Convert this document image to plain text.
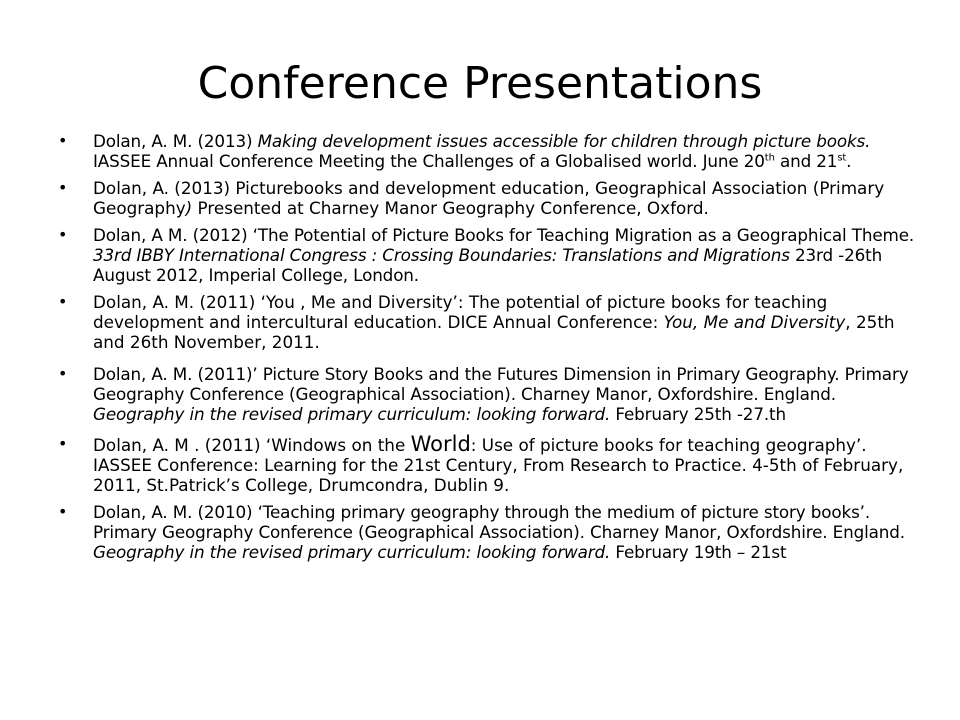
Conference Presentations
• Dolan, A. M. (2013) Making development issues accessible for children through picture books. IASSEE Annual Conference Meeting the Challenges of a Globalised world. June 20th and 21st.
• Dolan, A. (2013) Picturebooks and development education, Geographical Association (Primary Geography) Presented at Charney Manor Geography Conference, Oxford.
• Dolan, A M. (2012) ‘The Potential of Picture Books for Teaching Migration as a Geographical Theme. 33rd IBBY International Congress : Crossing Boundaries: Translations and Migrations 23rd -26th August 2012, Imperial College, London.
• Dolan, A. M. (2011) ‘You , Me and Diversity’: The potential of picture books for teaching development and intercultural education. DICE Annual Conference: You, Me and Diversity, 25th and 26th November, 2011.
• Dolan, A. M. (2011)’ Picture Story Books and the Futures Dimension in Primary Geography. Primary Geography Conference (Geographical Association). Charney Manor, Oxfordshire. England. Geography in the revised primary curriculum: looking forward. February 25th -27.th
• Dolan, A. M . (2011) ‘Windows on the World: Use of picture books for teaching geography’. IASSEE Conference: Learning for the 21st Century, From Research to Practice. 4-5th of February, 2011, St.Patrick’s College, Drumcondra, Dublin 9.
• Dolan, A. M. (2010) ‘Teaching primary geography through the medium of picture story books’. Primary Geography Conference (Geographical Association). Charney Manor, Oxfordshire. England. Geography in the revised primary curriculum: looking forward. February 19th – 21st
